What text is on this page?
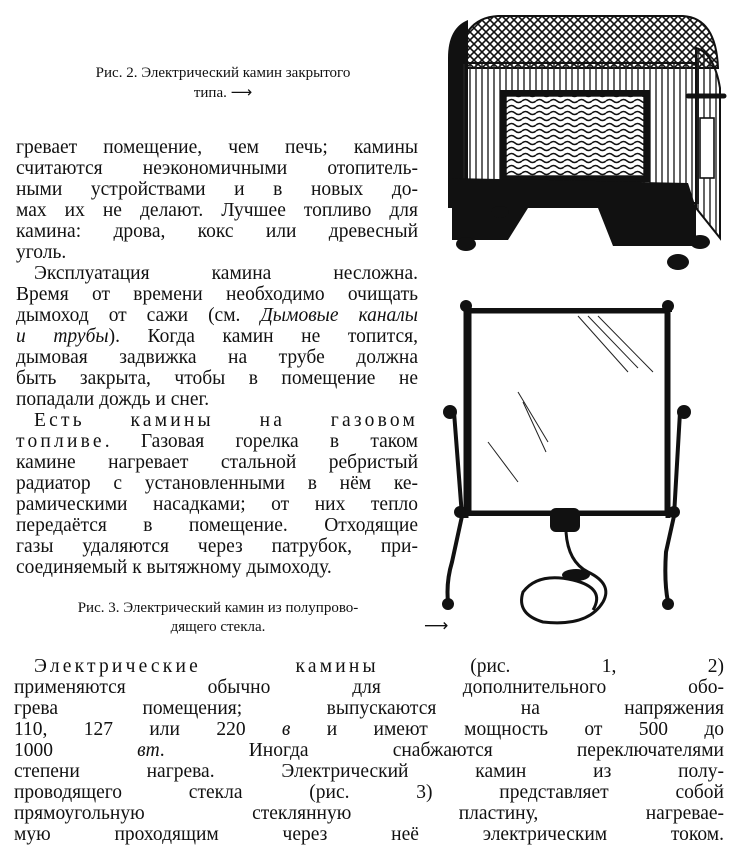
Рис. 2. Электрический камин закрытого
типа. ⟶
гревает помещение, чем печь; камины
считаются неэкономичными отопитель-
ными устройствами и в новых до-
мах их не делают. Лучшее топливо для
камина: дрова, кокс или древесный
уголь.
Эксплуатация камина несложна.
Время от времени необходимо очищать
дымоход от сажи (см. Дымовые каналы
и трубы). Когда камин не топится,
дымовая задвижка на трубе должна
быть закрыта, чтобы в помещение не
попадали дождь и снег.
Есть камины на газовом
топливе. Газовая горелка в таком
камине нагревает стальной ребристый
радиатор с установленными в нём ке-
рамическими насадками; от них тепло
передаётся в помещение. Отходящие
газы удаляются через патрубок, при-
соединяемый к вытяжному дымоходу.
Рис. 3. Электрический камин из полупрово-
дящего стекла.	⟶
Электрические камины (рис. 1, 2)
применяются обычно для дополнительного обо-
грева помещения; выпускаются на напряжения
110, 127 или 220 в и имеют мощность от 500 до
1000 вт. Иногда снабжаются переключателями
степени нагрева. Электрический камин из полу-
проводящего стекла (рис. 3) представляет собой
прямоугольную стеклянную пластину, нагревае-
мую проходящим через неё электрическим током.
